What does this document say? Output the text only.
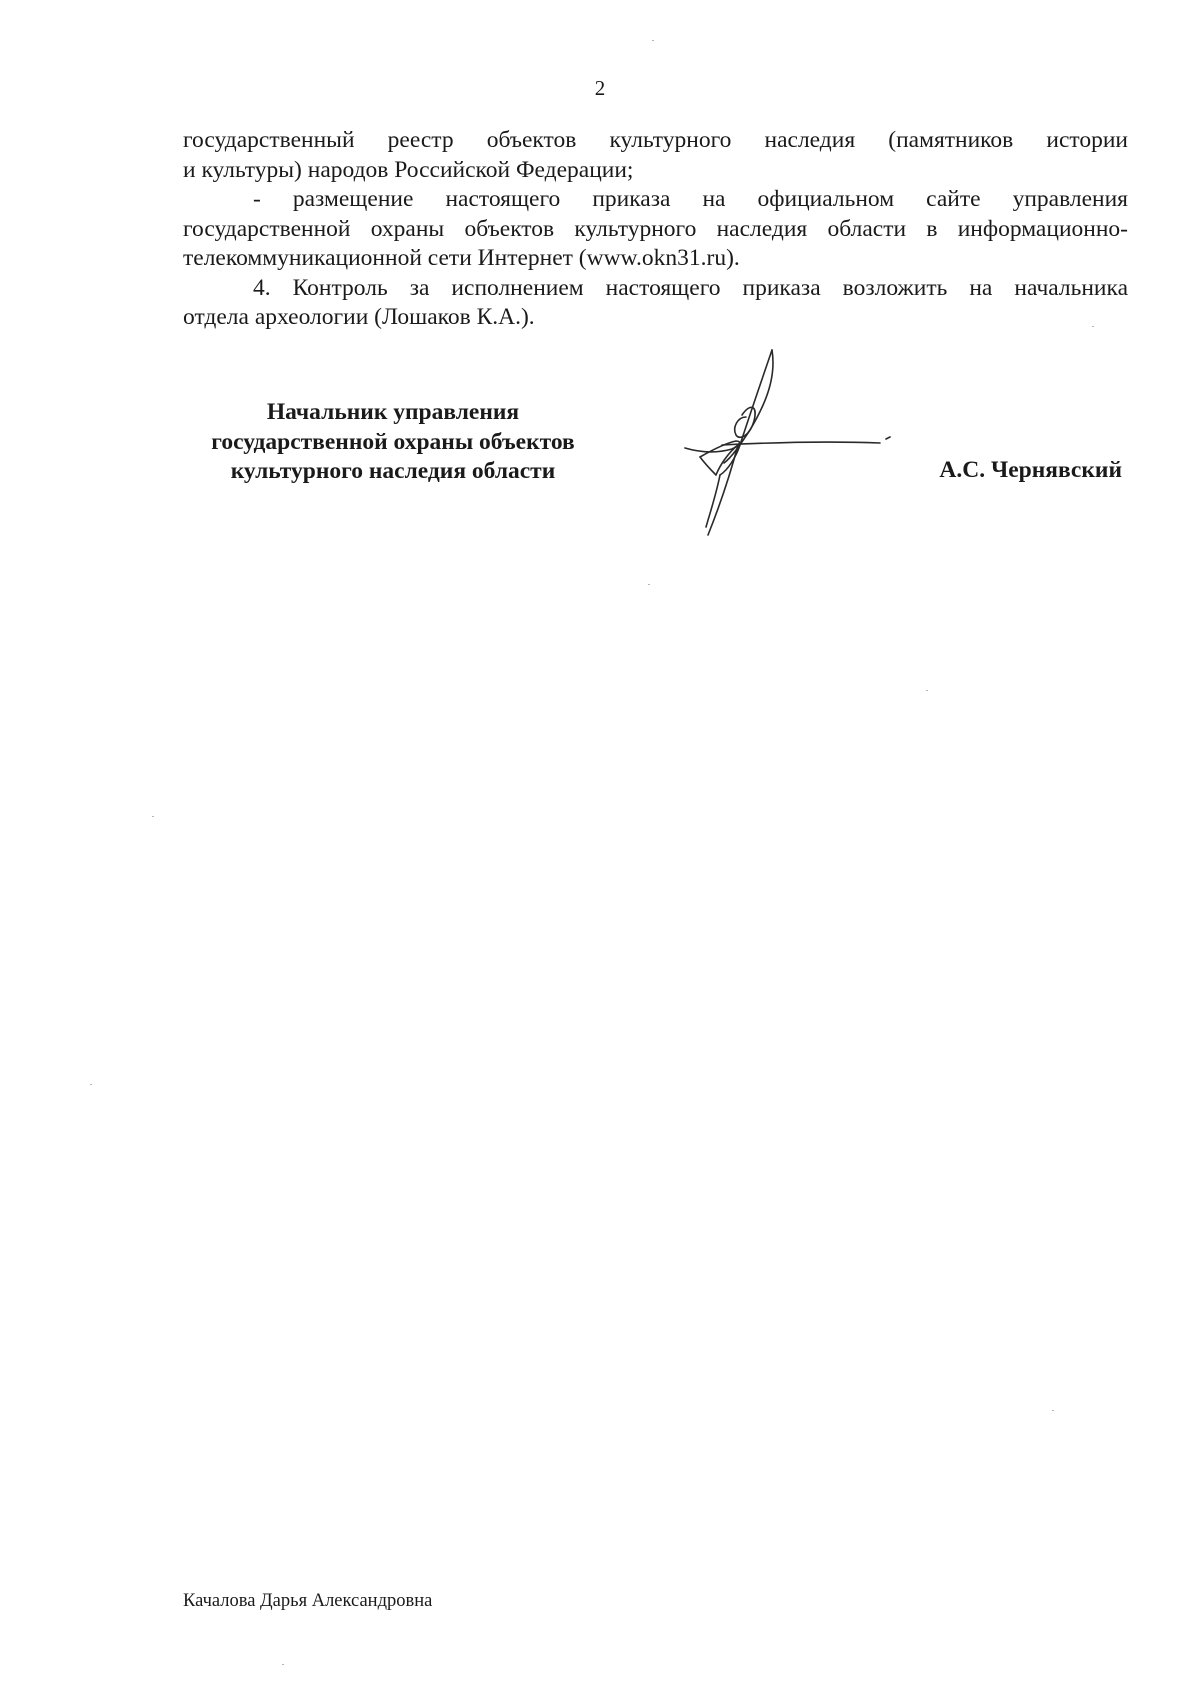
2

государственный реестр объектов культурного наследия (памятников истории

и культуры) народов Российской Федерации;

- размещение настоящего приказа на официальном сайте управления

государственной охраны объектов культурного наследия области в информационно-

телекоммуникационной сети Интернет (www.okn31.ru).

4. Контроль за исполнением настоящего приказа возложить на начальника

отдела археологии (Лошаков К.А.).

Начальник управления
государственной охраны объектов
культурного наследия области	А.С. Чернявский
Качалова Дарья Александровна
